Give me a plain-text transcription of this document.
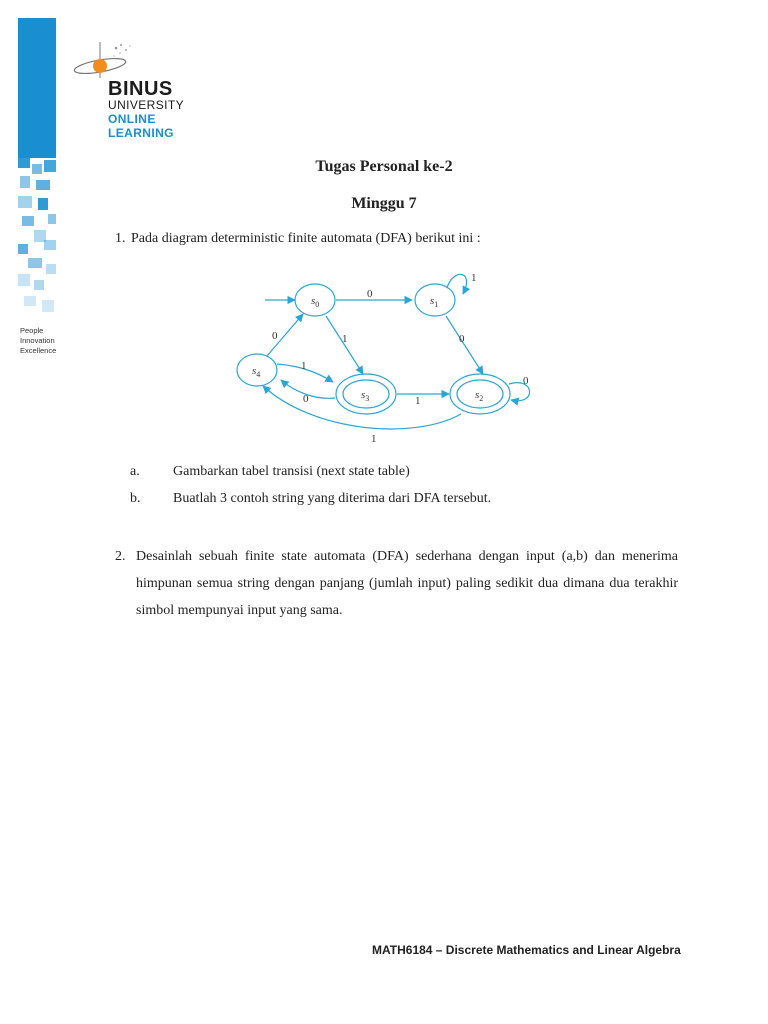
BINUS
UNIVERSITY
ONLINE
LEARNING
People
Innovation
Excellence
Tugas Personal ke-2
Minggu 7
1. Pada diagram deterministic finite automata (DFA) berikut ini :
$s_0$	$s_1$
$s_2$
$s_3$
$s_4$
0
1
1
0
0
1
1
0
0
1
a. Gambarkan tabel transisi (next state table)
b. Buatlah 3 contoh string yang diterima dari DFA tersebut.
2. Desainlah sebuah finite state automata (DFA) sederhana dengan input (a,b) dan menerima himpunan semua string dengan panjang (jumlah input) paling sedikit dua dimana dua terakhir simbol mempunyai input yang sama.
MATH6184 – Discrete Mathematics and Linear Algebra
